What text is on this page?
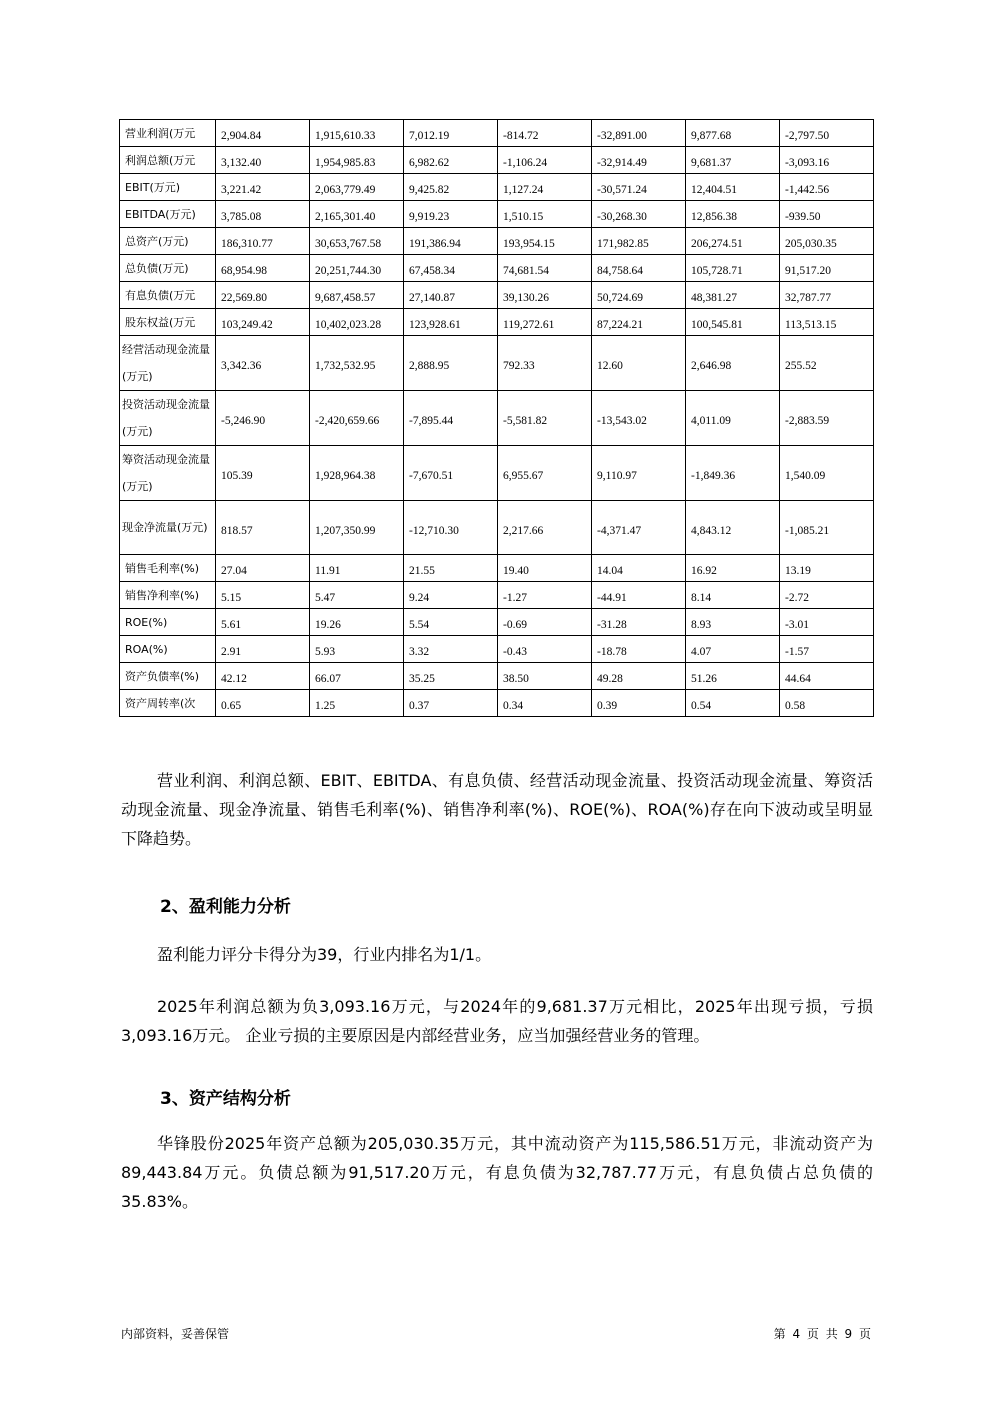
营业利润(万元	2,904.84	1,915,610.33	7,012.19	-814.72	-32,891.00	9,877.68	-2,797.50
利润总额(万元	3,132.40	1,954,985.83	6,982.62	-1,106.24	-32,914.49	9,681.37	-3,093.16
EBIT(万元)	3,221.42	2,063,779.49	9,425.82	1,127.24	-30,571.24	12,404.51	-1,442.56
EBITDA(万元)	3,785.08	2,165,301.40	9,919.23	1,510.15	-30,268.30	12,856.38	-939.50
总资产(万元)	186,310.77	30,653,767.58	191,386.94	193,954.15	171,982.85	206,274.51	205,030.35
总负债(万元)	68,954.98	20,251,744.30	67,458.34	74,681.54	84,758.64	105,728.71	91,517.20
有息负债(万元	22,569.80	9,687,458.57	27,140.87	39,130.26	50,724.69	48,381.27	32,787.77
股东权益(万元	103,249.42	10,402,023.28	123,928.61	119,272.61	87,224.21	100,545.81	113,513.15
经营活动现金流量(万元)	3,342.36	1,732,532.95	2,888.95	792.33	12.60	2,646.98	255.52
投资活动现金流量(万元)	-5,246.90	-2,420,659.66	-7,895.44	-5,581.82	-13,543.02	4,011.09	-2,883.59
筹资活动现金流量(万元)	105.39	1,928,964.38	-7,670.51	6,955.67	9,110.97	-1,849.36	1,540.09
现金净流量(万元)	818.57	1,207,350.99	-12,710.30	2,217.66	-4,371.47	4,843.12	-1,085.21
销售毛利率(%)	27.04	11.91	21.55	19.40	14.04	16.92	13.19
销售净利率(%)	5.15	5.47	9.24	-1.27	-44.91	8.14	-2.72
ROE(%)	5.61	19.26	5.54	-0.69	-31.28	8.93	-3.01
ROA(%)	2.91	5.93	3.32	-0.43	-18.78	4.07	-1.57
资产负债率(%)	42.12	66.07	35.25	38.50	49.28	51.26	44.64
资产周转率(次	0.65	1.25	0.37	0.34	0.39	0.54	0.58

营业利润、利润总额、EBIT、EBITDA、有息负债、经营活动现金流量、投资活动现金流量、筹资活动现金流量、现金净流量、销售毛利率(%)、销售净利率(%)、ROE(%)、ROA(%)存在向下波动或呈明显下降趋势。

2、盈利能力分析

盈利能力评分卡得分为39，行业内排名为1/1。

2025年利润总额为负3,093.16万元，与2024年的9,681.37万元相比，2025年出现亏损，亏损3,093.16万元。 企业亏损的主要原因是内部经营业务，应当加强经营业务的管理。

3、资产结构分析

华锋股份2025年资产总额为205,030.35万元，其中流动资产为115,586.51万元，非流动资产为89,443.84万元。负债总额为91,517.20万元，有息负债为32,787.77万元，有息负债占总负债的35.83%。

内部资料，妥善保管	第 4 页 共 9 页
